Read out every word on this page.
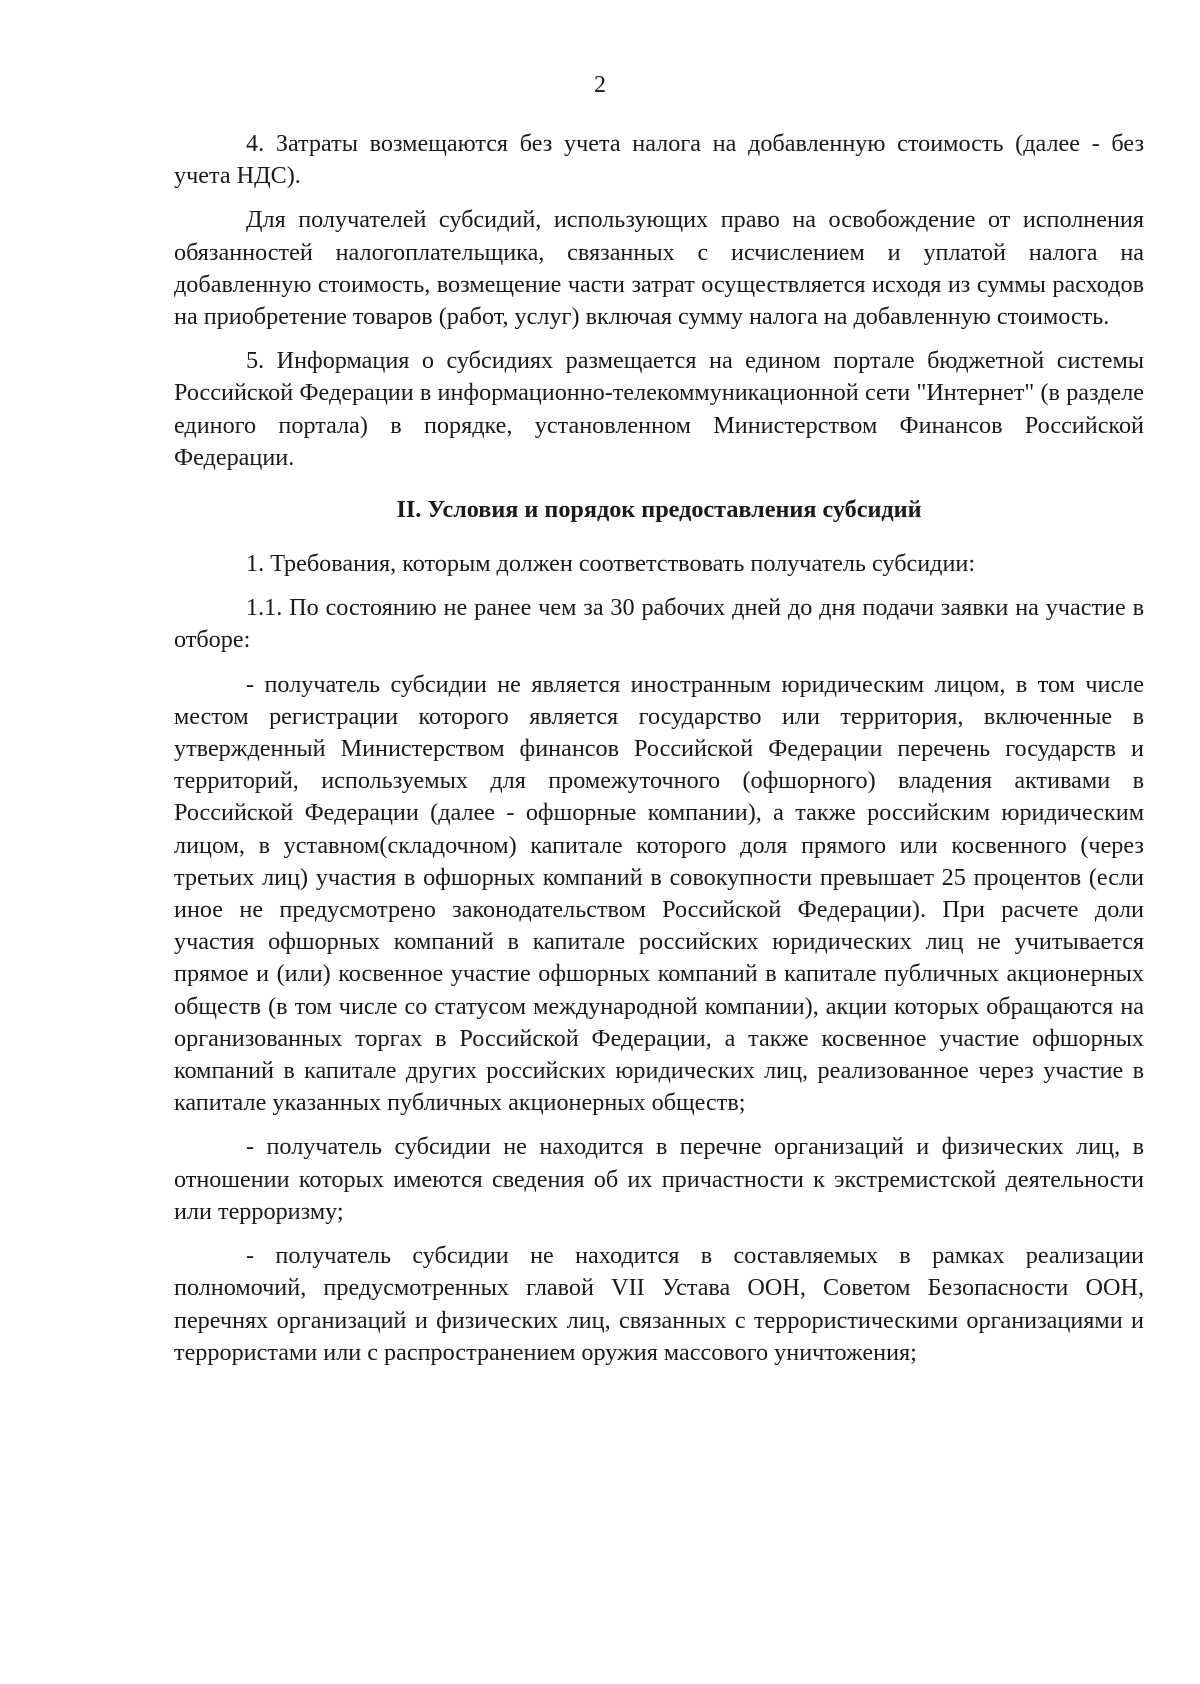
2

4. Затраты возмещаются без учета налога на добавленную стоимость (далее - без учета НДС).

Для получателей субсидий, использующих право на освобождение от исполнения обязанностей налогоплательщика, связанных с исчислением и уплатой налога на добавленную стоимость, возмещение части затрат осуществляется исходя из суммы расходов на приобретение товаров (работ, услуг) включая сумму налога на добавленную стоимость.

5. Информация о субсидиях размещается на едином портале бюджетной системы Российской Федерации в информационно-телекоммуникационной сети "Интернет" (в разделе единого портала) в порядке, установленном Министерством Финансов Российской Федерации.

II. Условия и порядок предоставления субсидий

1. Требования, которым должен соответствовать получатель субсидии:

1.1. По состоянию не ранее чем за 30 рабочих дней до дня подачи заявки на участие в отборе:

- получатель субсидии не является иностранным юридическим лицом, в том числе местом регистрации которого является государство или территория, включенные в утвержденный Министерством финансов Российской Федерации перечень государств и территорий, используемых для промежуточного (офшорного) владения активами в Российской Федерации (далее - офшорные компании), а также российским юридическим лицом, в уставном(складочном) капитале которого доля прямого или косвенного (через третьих лиц) участия в офшорных компаний в совокупности превышает 25 процентов (если иное не предусмотрено законодательством Российской Федерации). При расчете доли участия офшорных компаний в капитале российских юридических лиц не учитывается прямое и (или) косвенное участие офшорных компаний в капитале публичных акционерных обществ (в том числе со статусом международной компании), акции которых обращаются на организованных торгах в Российской Федерации, а также косвенное участие офшорных компаний в капитале других российских юридических лиц, реализованное через участие в капитале указанных публичных акционерных обществ;

- получатель субсидии не находится в перечне организаций и физических лиц, в отношении которых имеются сведения об их причастности к экстремистской деятельности или терроризму;

- получатель субсидии не находится в составляемых в рамках реализации полномочий, предусмотренных главой VII Устава ООН, Советом Безопасности ООН, перечнях организаций и физических лиц, связанных с террористическими организациями и террористами или с распространением оружия массового уничтожения;
